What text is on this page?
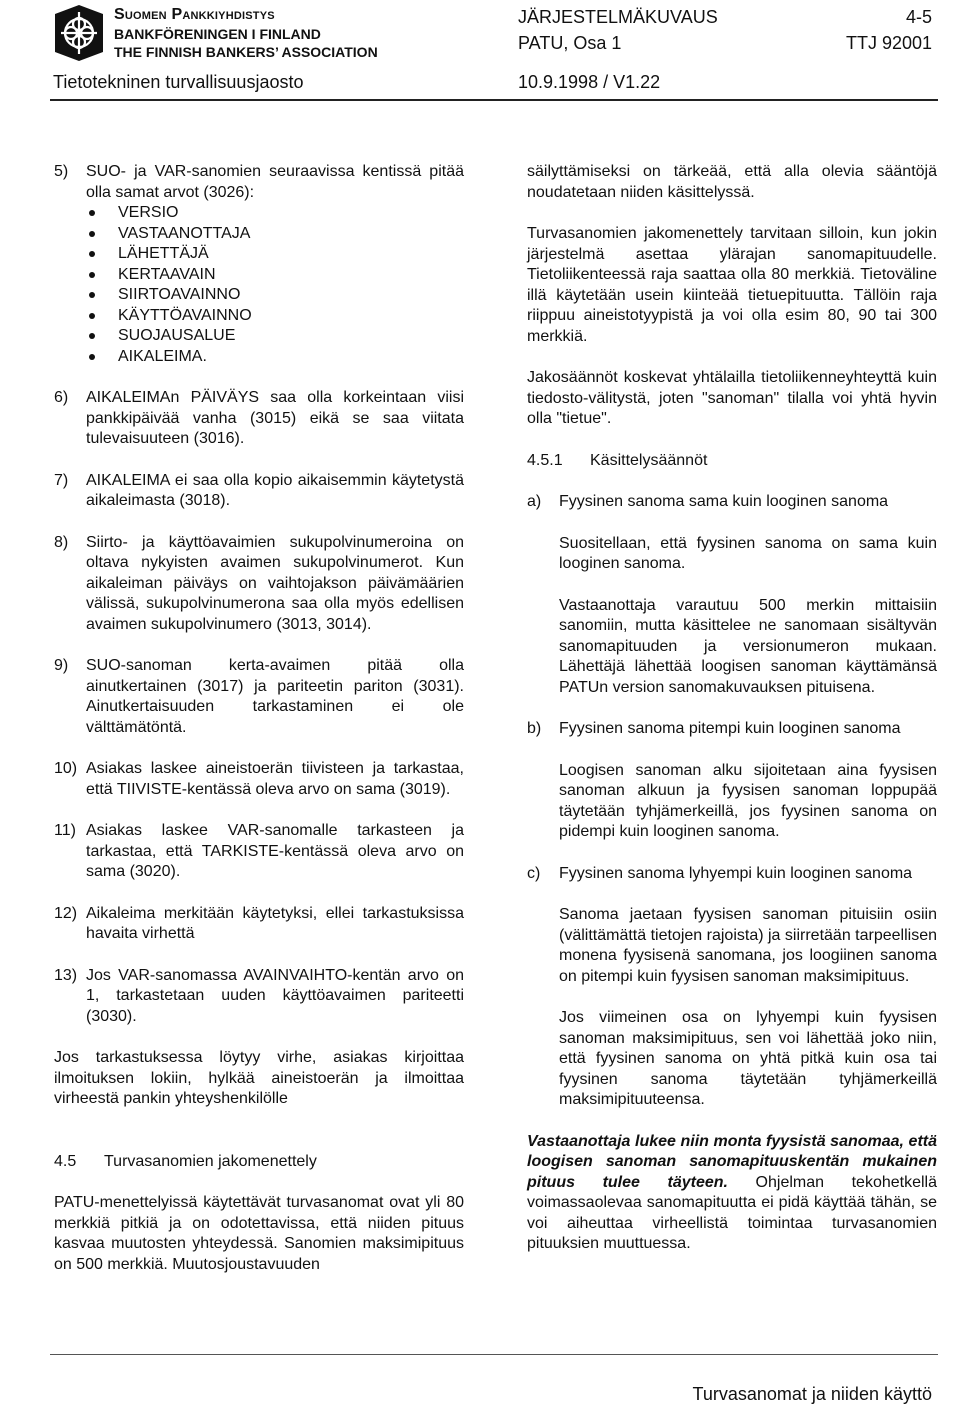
Suomen Pankkiyhdistys
BANKFÖRENINGEN I FINLAND
THE FINNISH BANKERS’ ASSOCIATION
JÄRJESTELMÄKUVAUS
PATU, Osa 1
4-5
TTJ 92001
Tietotekninen turvallisuusjaosto	10.9.1998 / V1.22
5)	SUO- ja VAR-sanomien seuraavissa kentissä pitää olla samat arvot (3026):
VERSIO
VASTAANOTTAJA
LÄHETTÄJÄ
KERTAAVAIN
SIIRTOAVAINNO
KÄYTTÖAVAINNO
SUOJAUSALUE
AIKALEIMA.
6)	AIKALEIMAn PÄIVÄYS saa olla korkeintaan viisi pankkipäivää vanha (3015) eikä se saa viitata tulevaisuuteen (3016).
7)	AIKALEIMA ei saa olla kopio aikaisemmin käytetystä aikaleimasta (3018).
8)	Siirto- ja käyttöavaimien sukupolvinumeroina on oltava nykyisten avaimen sukupolvinumerot. Kun aikaleiman päiväys on vaihtojakson päivämäärien välissä, sukupolvinumerona saa olla myös edellisen avaimen sukupolvinumero (3013, 3014).
9)	SUO-sanoman kerta-avaimen pitää olla ainutkertainen (3017) ja pariteetin pariton (3031). Ainutkertaisuuden tarkastaminen ei ole välttämätöntä.
10) Asiakas laskee aineistoerän tiivisteen ja tarkastaa, että TIIVISTE-kentässä oleva arvo on sama (3019).
11) Asiakas laskee VAR-sanomalle tarkasteen ja tarkastaa, että TARKISTE-kentässä oleva arvo on sama (3020).
12) Aikaleima merkitään käytetyksi, ellei tarkastuksissa havaita virhettä
13) Jos VAR-sanomassa AVAINVAIHTO-kentän arvo on 1, tarkastetaan uuden käyttöavaimen pariteetti (3030).

Jos tarkastuksessa löytyy virhe, asiakas kirjoittaa ilmoituksen lokiin, hylkää aineistoerän ja ilmoittaa virheestä pankin yhteyshenkilölle

4.5	Turvasanomien jakomenettely

PATU-menettelyissä käytettävät turvasanomat ovat yli 80 merkkiä pitkiä ja on odotettavissa, että niiden pituus kasvaa muutosten yhteydessä. Sanomien maksimipituus on 500 merkkiä. Muutosjoustavuuden

säilyttämiseksi on tärkeää, että alla olevia sääntöjä noudatetaan niiden käsittelyssä.

Turvasanomien jakomenettely tarvitaan silloin, kun jokin järjestelmä asettaa ylärajan sanomapituudelle. Tietoliikenteessä raja saattaa olla 80 merkkiä. Tietoväline illä käytetään usein kiinteää tietuepituutta. Tällöin raja riippuu aineistotyypistä ja voi olla esim 80, 90 tai 300 merkkiä.

Jakosäännöt koskevat yhtälailla tietoliikenneyhteyttä kuin tiedosto-välitystä, joten "sanoman" tilalla voi yhtä hyvin olla "tietue".

4.5.1	Käsittelysäännöt
a)	Fyysinen sanoma sama kuin looginen sanoma

Suositellaan, että fyysinen sanoma on sama kuin looginen sanoma.

Vastaanottaja varautuu 500 merkin mittaisiin sanomiin, mutta käsittelee ne sanomaan sisältyvän sanomapituuden ja versionumeron mukaan. Lähettäjä lähettää loogisen sanoman käyttämänsä PATUn version sanomakuvauksen pituisena.

b)	Fyysinen sanoma pitempi kuin looginen sanoma

Loogisen sanoman alku sijoitetaan aina fyysisen sanoman alkuun ja fyysisen sanoman loppupää täytetään tyhjämerkeillä, jos fyysinen sanoma on pidempi kuin looginen sanoma.

c)	Fyysinen sanoma lyhyempi kuin looginen sanoma

Sanoma jaetaan fyysisen sanoman pituisiin osiin (välittämättä tietojen rajoista) ja siirretään tarpeellisen monena fyysisenä sanomana, jos loogiinen sanoma on pitempi kuin fyysisen sanoman maksimipituus.

Jos viimeinen osa on lyhyempi kuin fyysisen sanoman maksimipituus, sen voi lähettää joko niin, että fyysinen sanoma on yhtä pitkä kuin osa tai fyysinen sanoma täytetään tyhjämerkeillä maksimipituuteensa.

Vastaanottaja lukee niin monta fyysistä sanomaa, että loogisen sanoman sanomapituuskentän mukainen pituus tulee täyteen. Ohjelman tekohetkellä voimassaolevaa sanomapituutta ei pidä käyttää tähän, se voi aiheuttaa virheellistä toimintaa turvasanomien pituuksien muuttuessa.

Turvasanomat ja niiden käyttö
